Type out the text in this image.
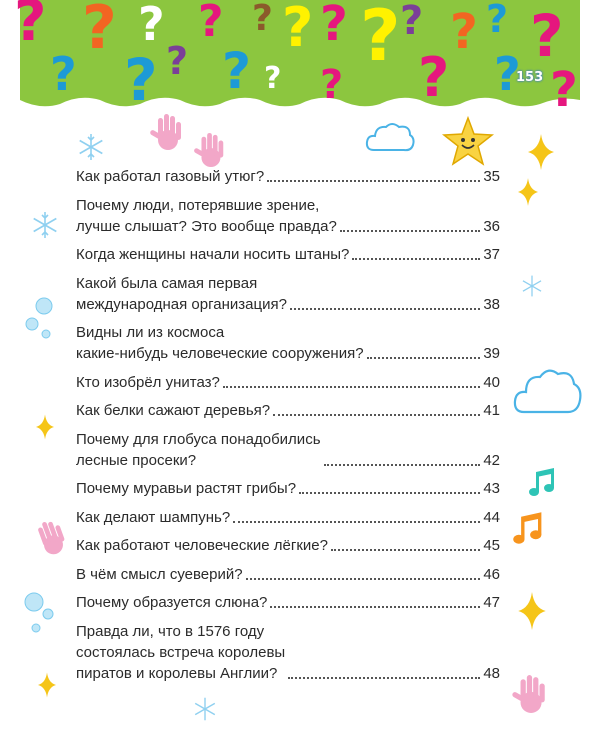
?
?
?
?
?
?
?
?
?
?
? ?
?
? ?
?
? ?
?
?
?
153
Как работал газовый утюг?	35
Почему люди, потерявшие зрение,
лучше слышат? Это вообще правда?	36
Когда женщины начали носить штаны?	37
Какой была самая первая
международная организация?	38
Видны ли из космоса
какие-нибудь человеческие сооружения?	39
Кто изобрёл унитаз?	40
Как белки сажают деревья?	41
Почему для глобуса понадобились
лесные просеки?	42
Почему муравьи растят грибы?	43
Как делают шампунь?	44
Как работают человеческие лёгкие?	45
В чём смысл суеверий?	46
Почему образуется слюна?	47
Правда ли, что в 1576 году
состоялась встреча королевы
пиратов и королевы Англии?	48
